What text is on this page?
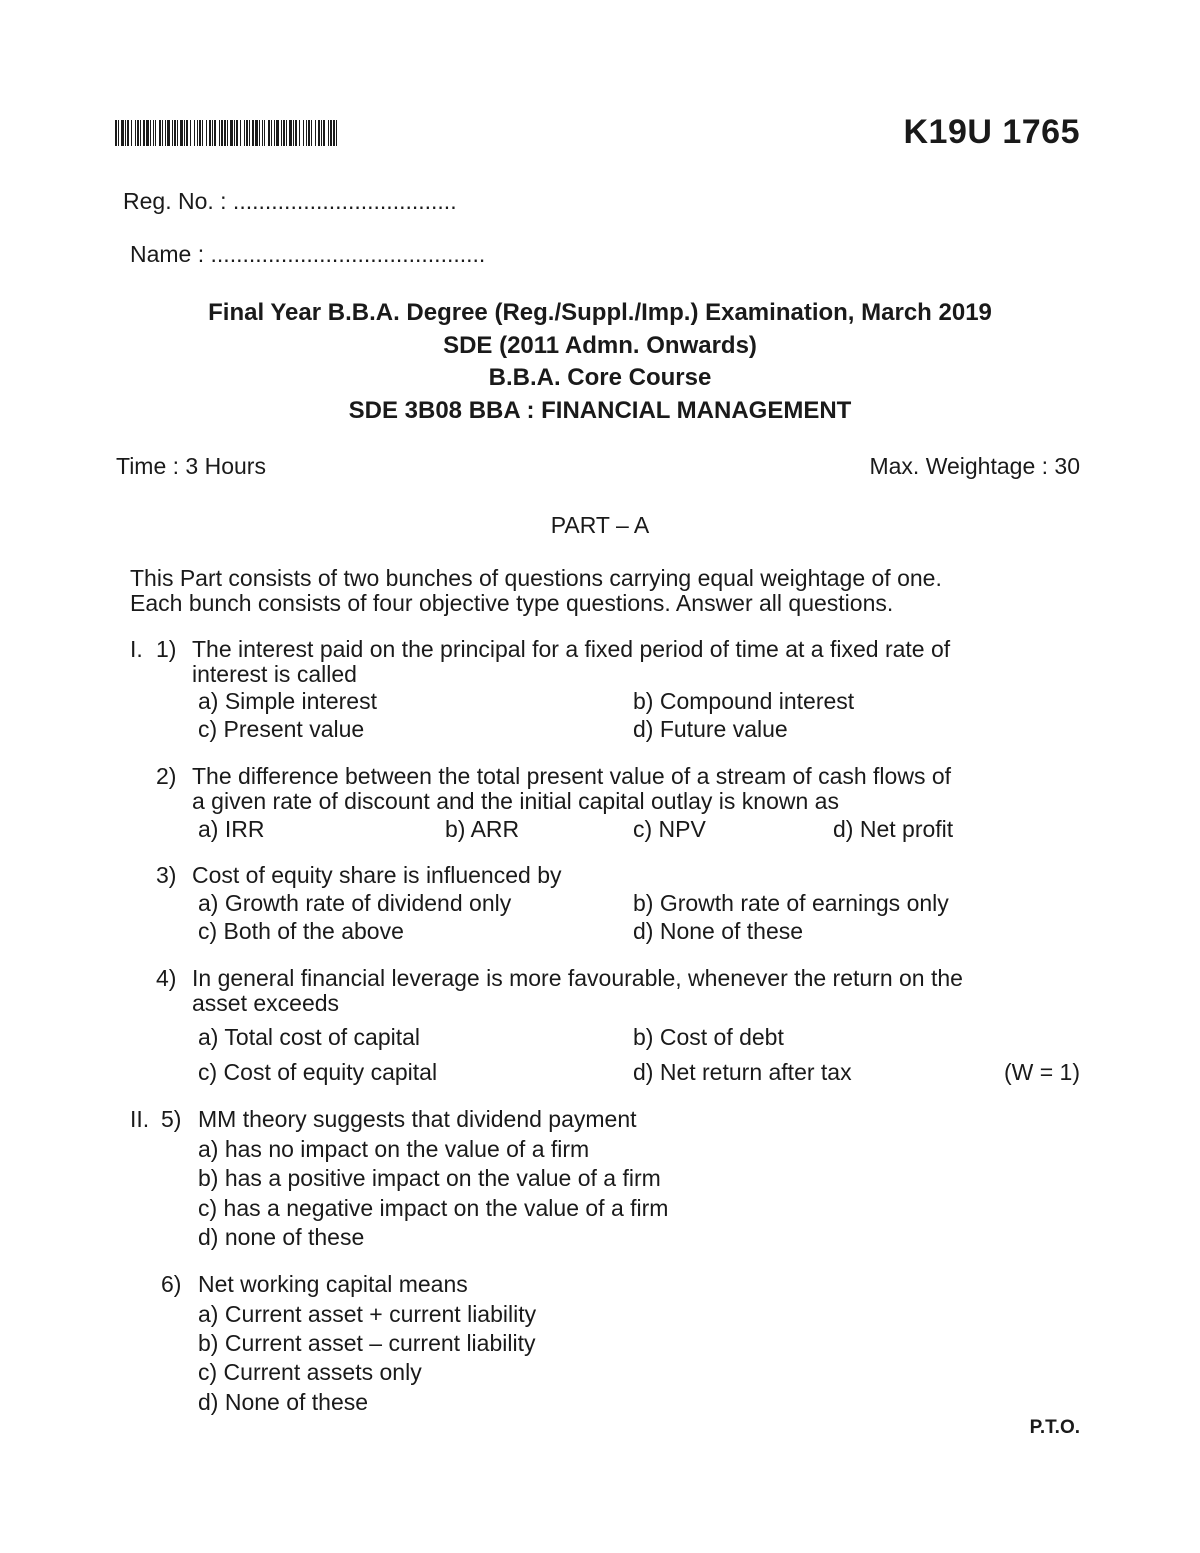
K19U 1765
Reg. No. : ...................................
Name : ...........................................
Final Year B.B.A. Degree (Reg./Suppl./Imp.) Examination, March 2019
SDE (2011 Admn. Onwards)
B.B.A. Core Course
SDE 3B08 BBA : FINANCIAL MANAGEMENT
Time : 3 Hours	Max. Weightage : 30
PART – A
This Part consists of two bunches of questions carrying equal weightage of one.
Each bunch consists of four objective type questions. Answer all questions.
I. 1) The interest paid on the principal for a fixed period of time at a fixed rate of
interest is called
a) Simple interest	b) Compound interest
c) Present value	d) Future value
2) The difference between the total present value of a stream of cash flows of
a given rate of discount and the initial capital outlay is known as
a) IRR	b) ARR	c) NPV	d) Net profit
3) Cost of equity share is influenced by
a) Growth rate of dividend only	b) Growth rate of earnings only
c) Both of the above	d) None of these
4) In general financial leverage is more favourable, whenever the return on the
asset exceeds
a) Total cost of capital	b) Cost of debt
c) Cost of equity capital	d) Net return after tax	(W = 1)
II. 5) MM theory suggests that dividend payment
a) has no impact on the value of a firm
b) has a positive impact on the value of a firm
c) has a negative impact on the value of a firm
d) none of these
6) Net working capital means
a) Current asset + current liability
b) Current asset – current liability
c) Current assets only
d) None of these
P.T.O.
